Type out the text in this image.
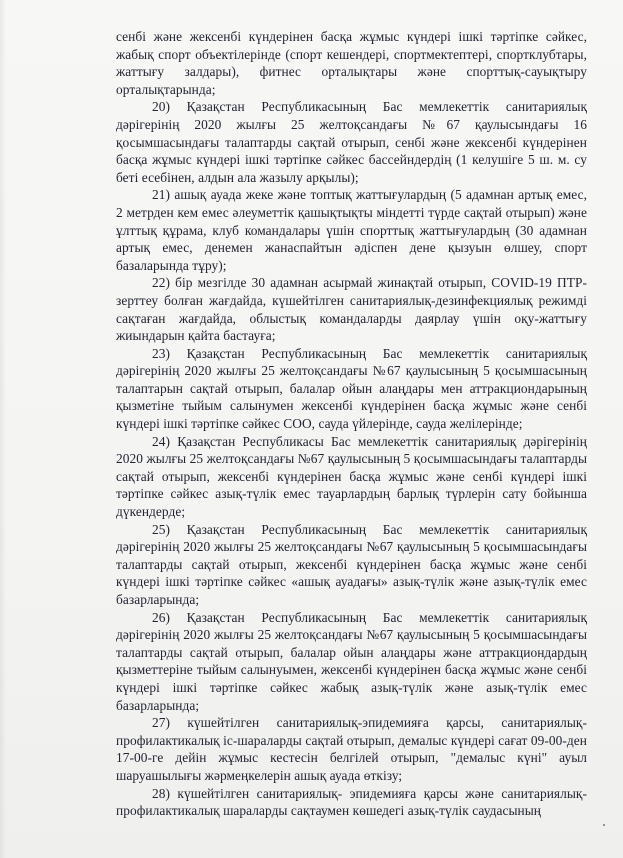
сенбі және жексенбі күндерінен басқа жұмыс күндері ішкі тәртіпке сәйкес, жабық спорт объектілерінде (спорт кешендері, спортмектептері, спортклубтары, жаттығу залдары), фитнес орталықтары және спорттық-сауықтыру орталықтарында;

20) Қазақстан Республикасының Бас мемлекеттік санитариялық дәрігерінің 2020 жылғы 25 желтоқсандағы №67 қаулысындағы 16 қосымшасындағы талаптарды сақтай отырып, сенбі және жексенбі күндерінен басқа жұмыс күндері ішкі тәртіпке сәйкес бассейндердің (1 келушіге 5 ш. м. су беті есебінен, алдын ала жазылу арқылы);

21) ашық ауада жеке және топтық жаттығулардың (5 адамнан артық емес, 2 метрден кем емес әлеуметтік қашықтықты міндетті түрде сақтай отырып) және ұлттық құрама, клуб командалары үшін спорттық жаттығулардың (30 адамнан артық емес, денемен жанаспайтын әдіспен дене қызуын өлшеу, спорт базаларында тұру);

22) бір мезгілде 30 адамнан асырмай жинақтай отырып, COVID-19 ПТР-зерттеу болған жағдайда, күшейтілген санитариялық-дезинфекциялық режимді сақтаған жағдайда, облыстық командаларды даярлау үшін оқу-жаттығу жиындарын қайта бастауға;

23) Қазақстан Республикасының Бас мемлекеттік санитариялық дәрігерінің 2020 жылғы 25 желтоқсандағы №67 қаулысының 5 қосымшасының талаптарын сақтай отырып, балалар ойын алаңдары мен аттракциондарының қызметіне тыйым салынумен жексенбі күндерінен басқа жұмыс және сенбі күндері ішкі тәртіпке сәйкес СОО, сауда үйлерінде, сауда желілерінде;

24) Қазақстан Республикасы Бас мемлекеттік санитариялық дәрігерінің 2020 жылғы 25 желтоқсандағы №67 қаулысының 5 қосымшасындағы талаптарды сақтай отырып, жексенбі күндерінен басқа жұмыс және сенбі күндері ішкі тәртіпке сәйкес азық-түлік емес тауарлардың барлық түрлерін сату бойынша дүкендерде;

25) Қазақстан Республикасының Бас мемлекеттік санитариялық дәрігерінің 2020 жылғы 25 желтоқсандағы №67 қаулысының 5 қосымшасындағы талаптарды сақтай отырып, жексенбі күндерінен басқа жұмыс және сенбі күндері ішкі тәртіпке сәйкес «ашық ауадағы» азық-түлік және азық-түлік емес базарларында;

26) Қазақстан Республикасының Бас мемлекеттік санитариялық дәрігерінің 2020 жылғы 25 желтоқсандағы №67 қаулысының 5 қосымшасындағы талаптарды сақтай отырып, балалар ойын алаңдары және аттракциондардың қызметтеріне тыйым салынуымен, жексенбі күндерінен басқа жұмыс және сенбі күндері ішкі тәртіпке сәйкес жабық азық-түлік және азық-түлік емес базарларында;

27) күшейтілген санитариялық-эпидемияға қарсы, санитариялық-профилактикалық іс-шараларды сақтай отырып, демалыс күндері сағат 09-00-ден 17-00-ге дейін жұмыс кестесін белгілей отырып, "демалыс күні" ауыл шаруашылығы жәрмеңкелерін ашық ауада өткізу;

28) күшейтілген санитариялық- эпидемияға қарсы және санитариялық-профилактикалық шараларды сақтаумен көшедегі азық-түлік саудасының
